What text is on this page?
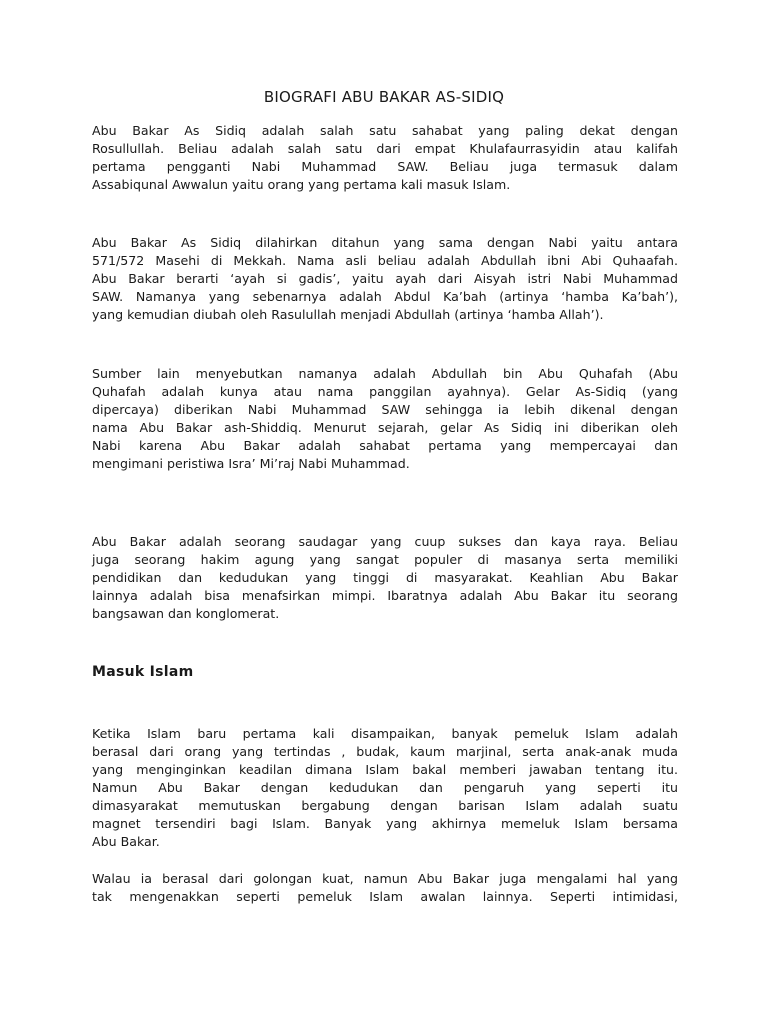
BIOGRAFI ABU BAKAR AS-SIDIQ
Abu Bakar As Sidiq adalah salah satu sahabat yang paling dekat dengan
Rosullullah. Beliau adalah salah satu dari empat Khulafaurrasyidin atau kalifah
pertama pengganti Nabi Muhammad SAW. Beliau juga termasuk dalam
Assabiqunal Awwalun yaitu orang yang pertama kali masuk Islam.
Abu Bakar As Sidiq dilahirkan ditahun yang sama dengan Nabi yaitu antara
571/572 Masehi di Mekkah. Nama asli beliau adalah Abdullah ibni Abi Quhaafah.
Abu Bakar berarti ‘ayah si gadis’, yaitu ayah dari Aisyah istri Nabi Muhammad
SAW. Namanya yang sebenarnya adalah Abdul Ka’bah (artinya ‘hamba Ka’bah’),
yang kemudian diubah oleh Rasulullah menjadi Abdullah (artinya ‘hamba Allah’).
Sumber lain menyebutkan namanya adalah Abdullah bin Abu Quhafah (Abu
Quhafah adalah kunya atau nama panggilan ayahnya). Gelar As-Sidiq (yang
dipercaya) diberikan Nabi Muhammad SAW sehingga ia lebih dikenal dengan
nama Abu Bakar ash-Shiddiq. Menurut sejarah, gelar As Sidiq ini diberikan oleh
Nabi karena Abu Bakar adalah sahabat pertama yang mempercayai dan
mengimani peristiwa Isra’ Mi’raj Nabi Muhammad.
Abu Bakar adalah seorang saudagar yang cuup sukses dan kaya raya. Beliau
juga seorang hakim agung yang sangat populer di masanya serta memiliki
pendidikan dan kedudukan yang tinggi di masyarakat. Keahlian Abu Bakar
lainnya adalah bisa menafsirkan mimpi. Ibaratnya adalah Abu Bakar itu seorang
bangsawan dan konglomerat.
Masuk Islam
Ketika Islam baru pertama kali disampaikan, banyak pemeluk Islam adalah
berasal dari orang yang tertindas , budak, kaum marjinal, serta anak-anak muda
yang menginginkan keadilan dimana Islam bakal memberi jawaban tentang itu.
Namun Abu Bakar dengan kedudukan dan pengaruh yang seperti itu
dimasyarakat memutuskan bergabung dengan barisan Islam adalah suatu
magnet tersendiri bagi Islam. Banyak yang akhirnya memeluk Islam bersama
Abu Bakar.
Walau ia berasal dari golongan kuat, namun Abu Bakar juga mengalami hal yang
tak mengenakkan seperti pemeluk Islam awalan lainnya. Seperti intimidasi,
